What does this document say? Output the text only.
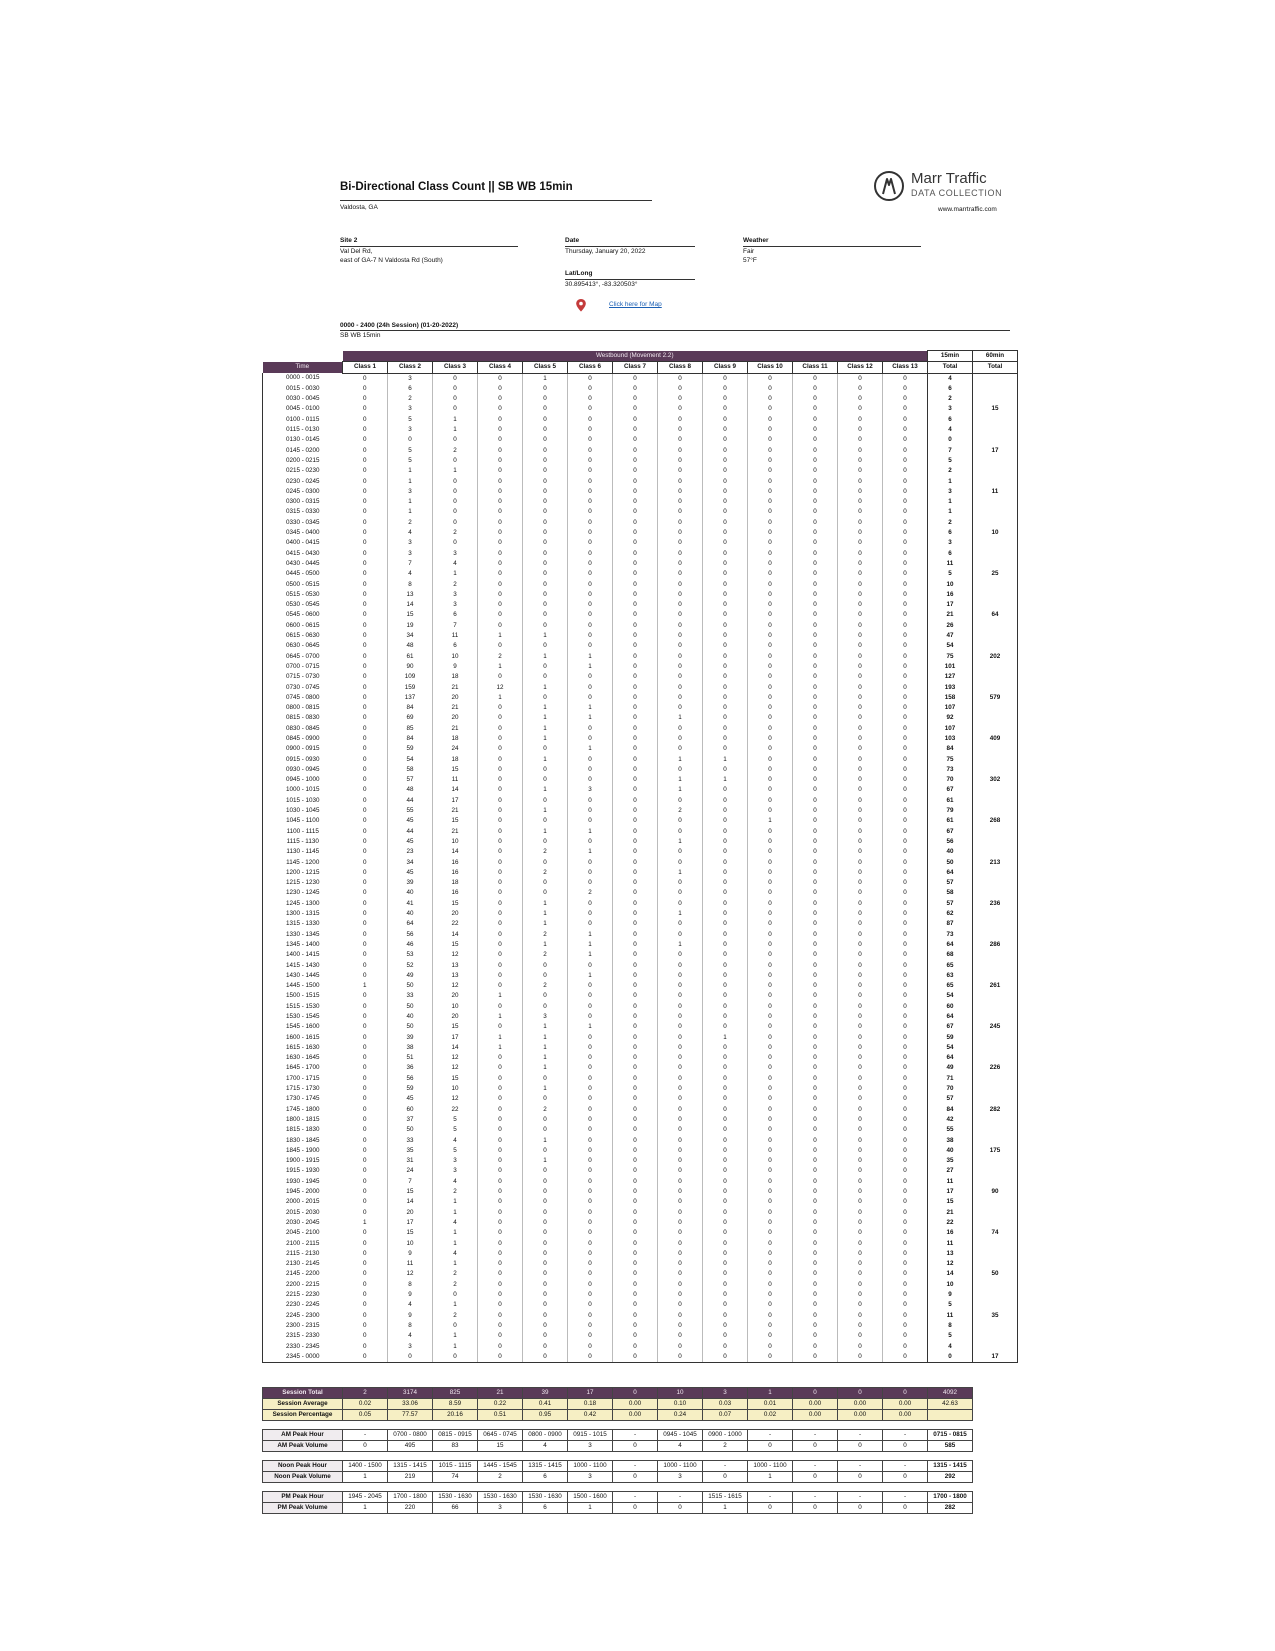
Bi-Directional Class Count || SB WB 15min
Valdosta, GA
Marr Traffic
DATA COLLECTION
www.marrtraffic.com
Site 2
Val Del Rd,
east of GA-7 N Valdosta Rd (South)
Date
Thursday, January 20, 2022
Lat/Long
30.895413°, -83.320503°
Weather
Fair
57°F
Click here for Map
0000 - 2400 (24h Session) (01-20-2022)
SB WB 15min
	Westbound (Movement 2.2)													15min	60min
Time	Class 1	Class 2	Class 3	Class 4	Class 5	Class 6	Class 7	Class 8	Class 9	Class 10	Class 11	Class 12	Class 13	Total	Total
0000 - 0015	0	3	0	0	1	0	0	0	0	0	0	0	0	4	
0015 - 0030	0	6	0	0	0	0	0	0	0	0	0	0	0	6	
0030 - 0045	0	2	0	0	0	0	0	0	0	0	0	0	0	2	
0045 - 0100	0	3	0	0	0	0	0	0	0	0	0	0	0	3	15
0100 - 0115	0	5	1	0	0	0	0	0	0	0	0	0	0	6	
0115 - 0130	0	3	1	0	0	0	0	0	0	0	0	0	0	4	
0130 - 0145	0	0	0	0	0	0	0	0	0	0	0	0	0	0	
0145 - 0200	0	5	2	0	0	0	0	0	0	0	0	0	0	7	17
0200 - 0215	0	5	0	0	0	0	0	0	0	0	0	0	0	5	
0215 - 0230	0	1	1	0	0	0	0	0	0	0	0	0	0	2	
0230 - 0245	0	1	0	0	0	0	0	0	0	0	0	0	0	1	
0245 - 0300	0	3	0	0	0	0	0	0	0	0	0	0	0	3	11
0300 - 0315	0	1	0	0	0	0	0	0	0	0	0	0	0	1	
0315 - 0330	0	1	0	0	0	0	0	0	0	0	0	0	0	1	
0330 - 0345	0	2	0	0	0	0	0	0	0	0	0	0	0	2	
0345 - 0400	0	4	2	0	0	0	0	0	0	0	0	0	0	6	10
0400 - 0415	0	3	0	0	0	0	0	0	0	0	0	0	0	3	
0415 - 0430	0	3	3	0	0	0	0	0	0	0	0	0	0	6	
0430 - 0445	0	7	4	0	0	0	0	0	0	0	0	0	0	11	
0445 - 0500	0	4	1	0	0	0	0	0	0	0	0	0	0	5	25
0500 - 0515	0	8	2	0	0	0	0	0	0	0	0	0	0	10	
0515 - 0530	0	13	3	0	0	0	0	0	0	0	0	0	0	16	
0530 - 0545	0	14	3	0	0	0	0	0	0	0	0	0	0	17	
0545 - 0600	0	15	6	0	0	0	0	0	0	0	0	0	0	21	64
0600 - 0615	0	19	7	0	0	0	0	0	0	0	0	0	0	26	
0615 - 0630	0	34	11	1	1	0	0	0	0	0	0	0	0	47	
0630 - 0645	0	48	6	0	0	0	0	0	0	0	0	0	0	54	
0645 - 0700	0	61	10	2	1	1	0	0	0	0	0	0	0	75	202
0700 - 0715	0	90	9	1	0	1	0	0	0	0	0	0	0	101	
0715 - 0730	0	109	18	0	0	0	0	0	0	0	0	0	0	127	
0730 - 0745	0	159	21	12	1	0	0	0	0	0	0	0	0	193	
0745 - 0800	0	137	20	1	0	0	0	0	0	0	0	0	0	158	579
0800 - 0815	0	84	21	0	1	1	0	0	0	0	0	0	0	107	
0815 - 0830	0	69	20	0	1	1	0	1	0	0	0	0	0	92	
0830 - 0845	0	85	21	0	1	0	0	0	0	0	0	0	0	107	
0845 - 0900	0	84	18	0	1	0	0	0	0	0	0	0	0	103	409
0900 - 0915	0	59	24	0	0	1	0	0	0	0	0	0	0	84	
0915 - 0930	0	54	18	0	1	0	0	1	1	0	0	0	0	75	
0930 - 0945	0	58	15	0	0	0	0	0	0	0	0	0	0	73	
0945 - 1000	0	57	11	0	0	0	0	1	1	0	0	0	0	70	302
1000 - 1015	0	48	14	0	1	3	0	1	0	0	0	0	0	67	
1015 - 1030	0	44	17	0	0	0	0	0	0	0	0	0	0	61	
1030 - 1045	0	55	21	0	1	0	0	2	0	0	0	0	0	79	
1045 - 1100	0	45	15	0	0	0	0	0	0	1	0	0	0	61	268
1100 - 1115	0	44	21	0	1	1	0	0	0	0	0	0	0	67	
1115 - 1130	0	45	10	0	0	0	0	1	0	0	0	0	0	56	
1130 - 1145	0	23	14	0	2	1	0	0	0	0	0	0	0	40	
1145 - 1200	0	34	16	0	0	0	0	0	0	0	0	0	0	50	213
1200 - 1215	0	45	16	0	2	0	0	1	0	0	0	0	0	64	
1215 - 1230	0	39	18	0	0	0	0	0	0	0	0	0	0	57	
1230 - 1245	0	40	16	0	0	2	0	0	0	0	0	0	0	58	
1245 - 1300	0	41	15	0	1	0	0	0	0	0	0	0	0	57	236
1300 - 1315	0	40	20	0	1	0	0	1	0	0	0	0	0	62	
1315 - 1330	0	64	22	0	1	0	0	0	0	0	0	0	0	87	
1330 - 1345	0	56	14	0	2	1	0	0	0	0	0	0	0	73	
1345 - 1400	0	46	15	0	1	1	0	1	0	0	0	0	0	64	286
1400 - 1415	0	53	12	0	2	1	0	0	0	0	0	0	0	68	
1415 - 1430	0	52	13	0	0	0	0	0	0	0	0	0	0	65	
1430 - 1445	0	49	13	0	0	1	0	0	0	0	0	0	0	63	
1445 - 1500	1	50	12	0	2	0	0	0	0	0	0	0	0	65	261
1500 - 1515	0	33	20	1	0	0	0	0	0	0	0	0	0	54	
1515 - 1530	0	50	10	0	0	0	0	0	0	0	0	0	0	60	
1530 - 1545	0	40	20	1	3	0	0	0	0	0	0	0	0	64	
1545 - 1600	0	50	15	0	1	1	0	0	0	0	0	0	0	67	245
1600 - 1615	0	39	17	1	1	0	0	0	1	0	0	0	0	59	
1615 - 1630	0	38	14	1	1	0	0	0	0	0	0	0	0	54	
1630 - 1645	0	51	12	0	1	0	0	0	0	0	0	0	0	64	
1645 - 1700	0	36	12	0	1	0	0	0	0	0	0	0	0	49	226
1700 - 1715	0	56	15	0	0	0	0	0	0	0	0	0	0	71	
1715 - 1730	0	59	10	0	1	0	0	0	0	0	0	0	0	70	
1730 - 1745	0	45	12	0	0	0	0	0	0	0	0	0	0	57	
1745 - 1800	0	60	22	0	2	0	0	0	0	0	0	0	0	84	282
1800 - 1815	0	37	5	0	0	0	0	0	0	0	0	0	0	42	
1815 - 1830	0	50	5	0	0	0	0	0	0	0	0	0	0	55	
1830 - 1845	0	33	4	0	1	0	0	0	0	0	0	0	0	38	
1845 - 1900	0	35	5	0	0	0	0	0	0	0	0	0	0	40	175
1900 - 1915	0	31	3	0	1	0	0	0	0	0	0	0	0	35	
1915 - 1930	0	24	3	0	0	0	0	0	0	0	0	0	0	27	
1930 - 1945	0	7	4	0	0	0	0	0	0	0	0	0	0	11	
1945 - 2000	0	15	2	0	0	0	0	0	0	0	0	0	0	17	90
2000 - 2015	0	14	1	0	0	0	0	0	0	0	0	0	0	15	
2015 - 2030	0	20	1	0	0	0	0	0	0	0	0	0	0	21	
2030 - 2045	1	17	4	0	0	0	0	0	0	0	0	0	0	22	
2045 - 2100	0	15	1	0	0	0	0	0	0	0	0	0	0	16	74
2100 - 2115	0	10	1	0	0	0	0	0	0	0	0	0	0	11	
2115 - 2130	0	9	4	0	0	0	0	0	0	0	0	0	0	13	
2130 - 2145	0	11	1	0	0	0	0	0	0	0	0	0	0	12	
2145 - 2200	0	12	2	0	0	0	0	0	0	0	0	0	0	14	50
2200 - 2215	0	8	2	0	0	0	0	0	0	0	0	0	0	10	
2215 - 2230	0	9	0	0	0	0	0	0	0	0	0	0	0	9	
2230 - 2245	0	4	1	0	0	0	0	0	0	0	0	0	0	5	
2245 - 2300	0	9	2	0	0	0	0	0	0	0	0	0	0	11	35
2300 - 2315	0	8	0	0	0	0	0	0	0	0	0	0	0	8	
2315 - 2330	0	4	1	0	0	0	0	0	0	0	0	0	0	5	
2330 - 2345	0	3	1	0	0	0	0	0	0	0	0	0	0	4	
2345 - 0000	0	0	0	0	0	0	0	0	0	0	0	0	0	0	17
Session Total	2	3174	825	21	39	17	0	10	3	1	0	0	0	4092
Session Average	0.02	33.06	8.59	0.22	0.41	0.18	0.00	0.10	0.03	0.01	0.00	0.00	0.00	42.63
Session Percentage	0.05	77.57	20.16	0.51	0.95	0.42	0.00	0.24	0.07	0.02	0.00	0.00	0.00	
AM Peak Hour	-	0700 - 0800	0815 - 0915	0645 - 0745	0800 - 0900	0915 - 1015	-	0945 - 1045	0900 - 1000	-	-	-	-	0715 - 0815
AM Peak Volume	0	495	83	15	4	3	0	4	2	0	0	0	0	585
Noon Peak Hour	1400 - 1500	1315 - 1415	1015 - 1115	1445 - 1545	1315 - 1415	1000 - 1100	-	1000 - 1100	-	1000 - 1100	-	-	-	1315 - 1415
Noon Peak Volume	1	219	74	2	6	3	0	3	0	1	0	0	0	292
PM Peak Hour	1945 - 2045	1700 - 1800	1530 - 1630	1530 - 1630	1530 - 1630	1500 - 1600	-	-	1515 - 1615	-	-	-	-	1700 - 1800
PM Peak Volume	1	220	66	3	6	1	0	0	1	0	0	0	0	282
